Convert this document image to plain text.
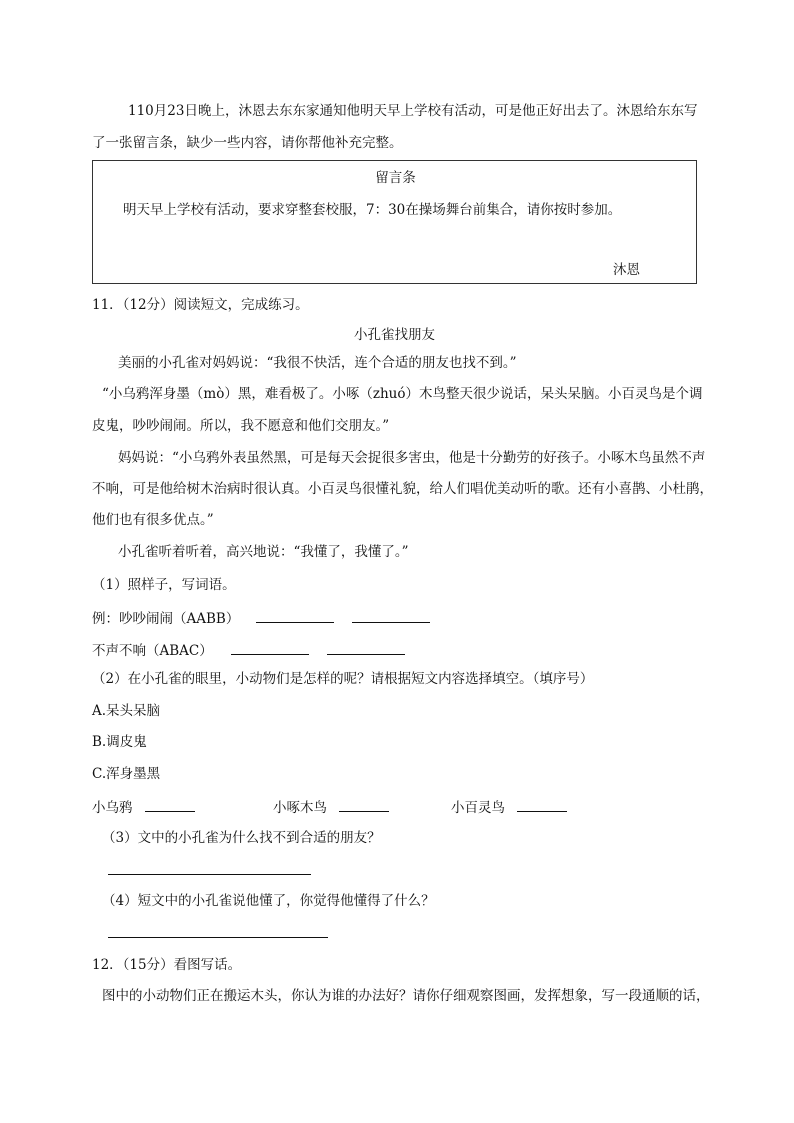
110月23日晚上，沐恩去东东家通知他明天早上学校有活动，可是他正好出去了。沐恩给东东写
了一张留言条，缺少一些内容，请你帮他补充完整。
留言条
明天早上学校有活动，要求穿整套校服，7：30在操场舞台前集合，请你按时参加。
沐恩
11．（12分）阅读短文，完成练习。
小孔雀找朋友
美丽的小孔雀对妈妈说：“我很不快活，连个合适的朋友也找不到。”
“小乌鸦浑身墨（mò）黑，难看极了。小啄（zhuó）木鸟整天很少说话，呆头呆脑。小百灵鸟是个调
皮鬼，吵吵闹闹。所以，我不愿意和他们交朋友。”
妈妈说：“小乌鸦外表虽然黑，可是每天会捉很多害虫，他是十分勤劳的好孩子。小啄木鸟虽然不声
不响，可是他给树木治病时很认真。小百灵鸟很懂礼貌，给人们唱优美动听的歌。还有小喜鹊、小杜鹃，
他们也有很多优点。”
小孔雀听着听着，高兴地说：“我懂了，我懂了。”
（1）照样子，写词语。
例：吵吵闹闹（AABB）
不声不响（ABAC）
（2）在小孔雀的眼里，小动物们是怎样的呢？请根据短文内容选择填空。（填序号）
A.呆头呆脑
B.调皮鬼
C.浑身墨黑
小乌鸦	小啄木鸟	小百灵鸟
（3）文中的小孔雀为什么找不到合适的朋友？
（4）短文中的小孔雀说他懂了，你觉得他懂得了什么？
12．（15分）看图写话。
图中的小动物们正在搬运木头，你认为谁的办法好？请你仔细观察图画，发挥想象，写一段通顺的话，
